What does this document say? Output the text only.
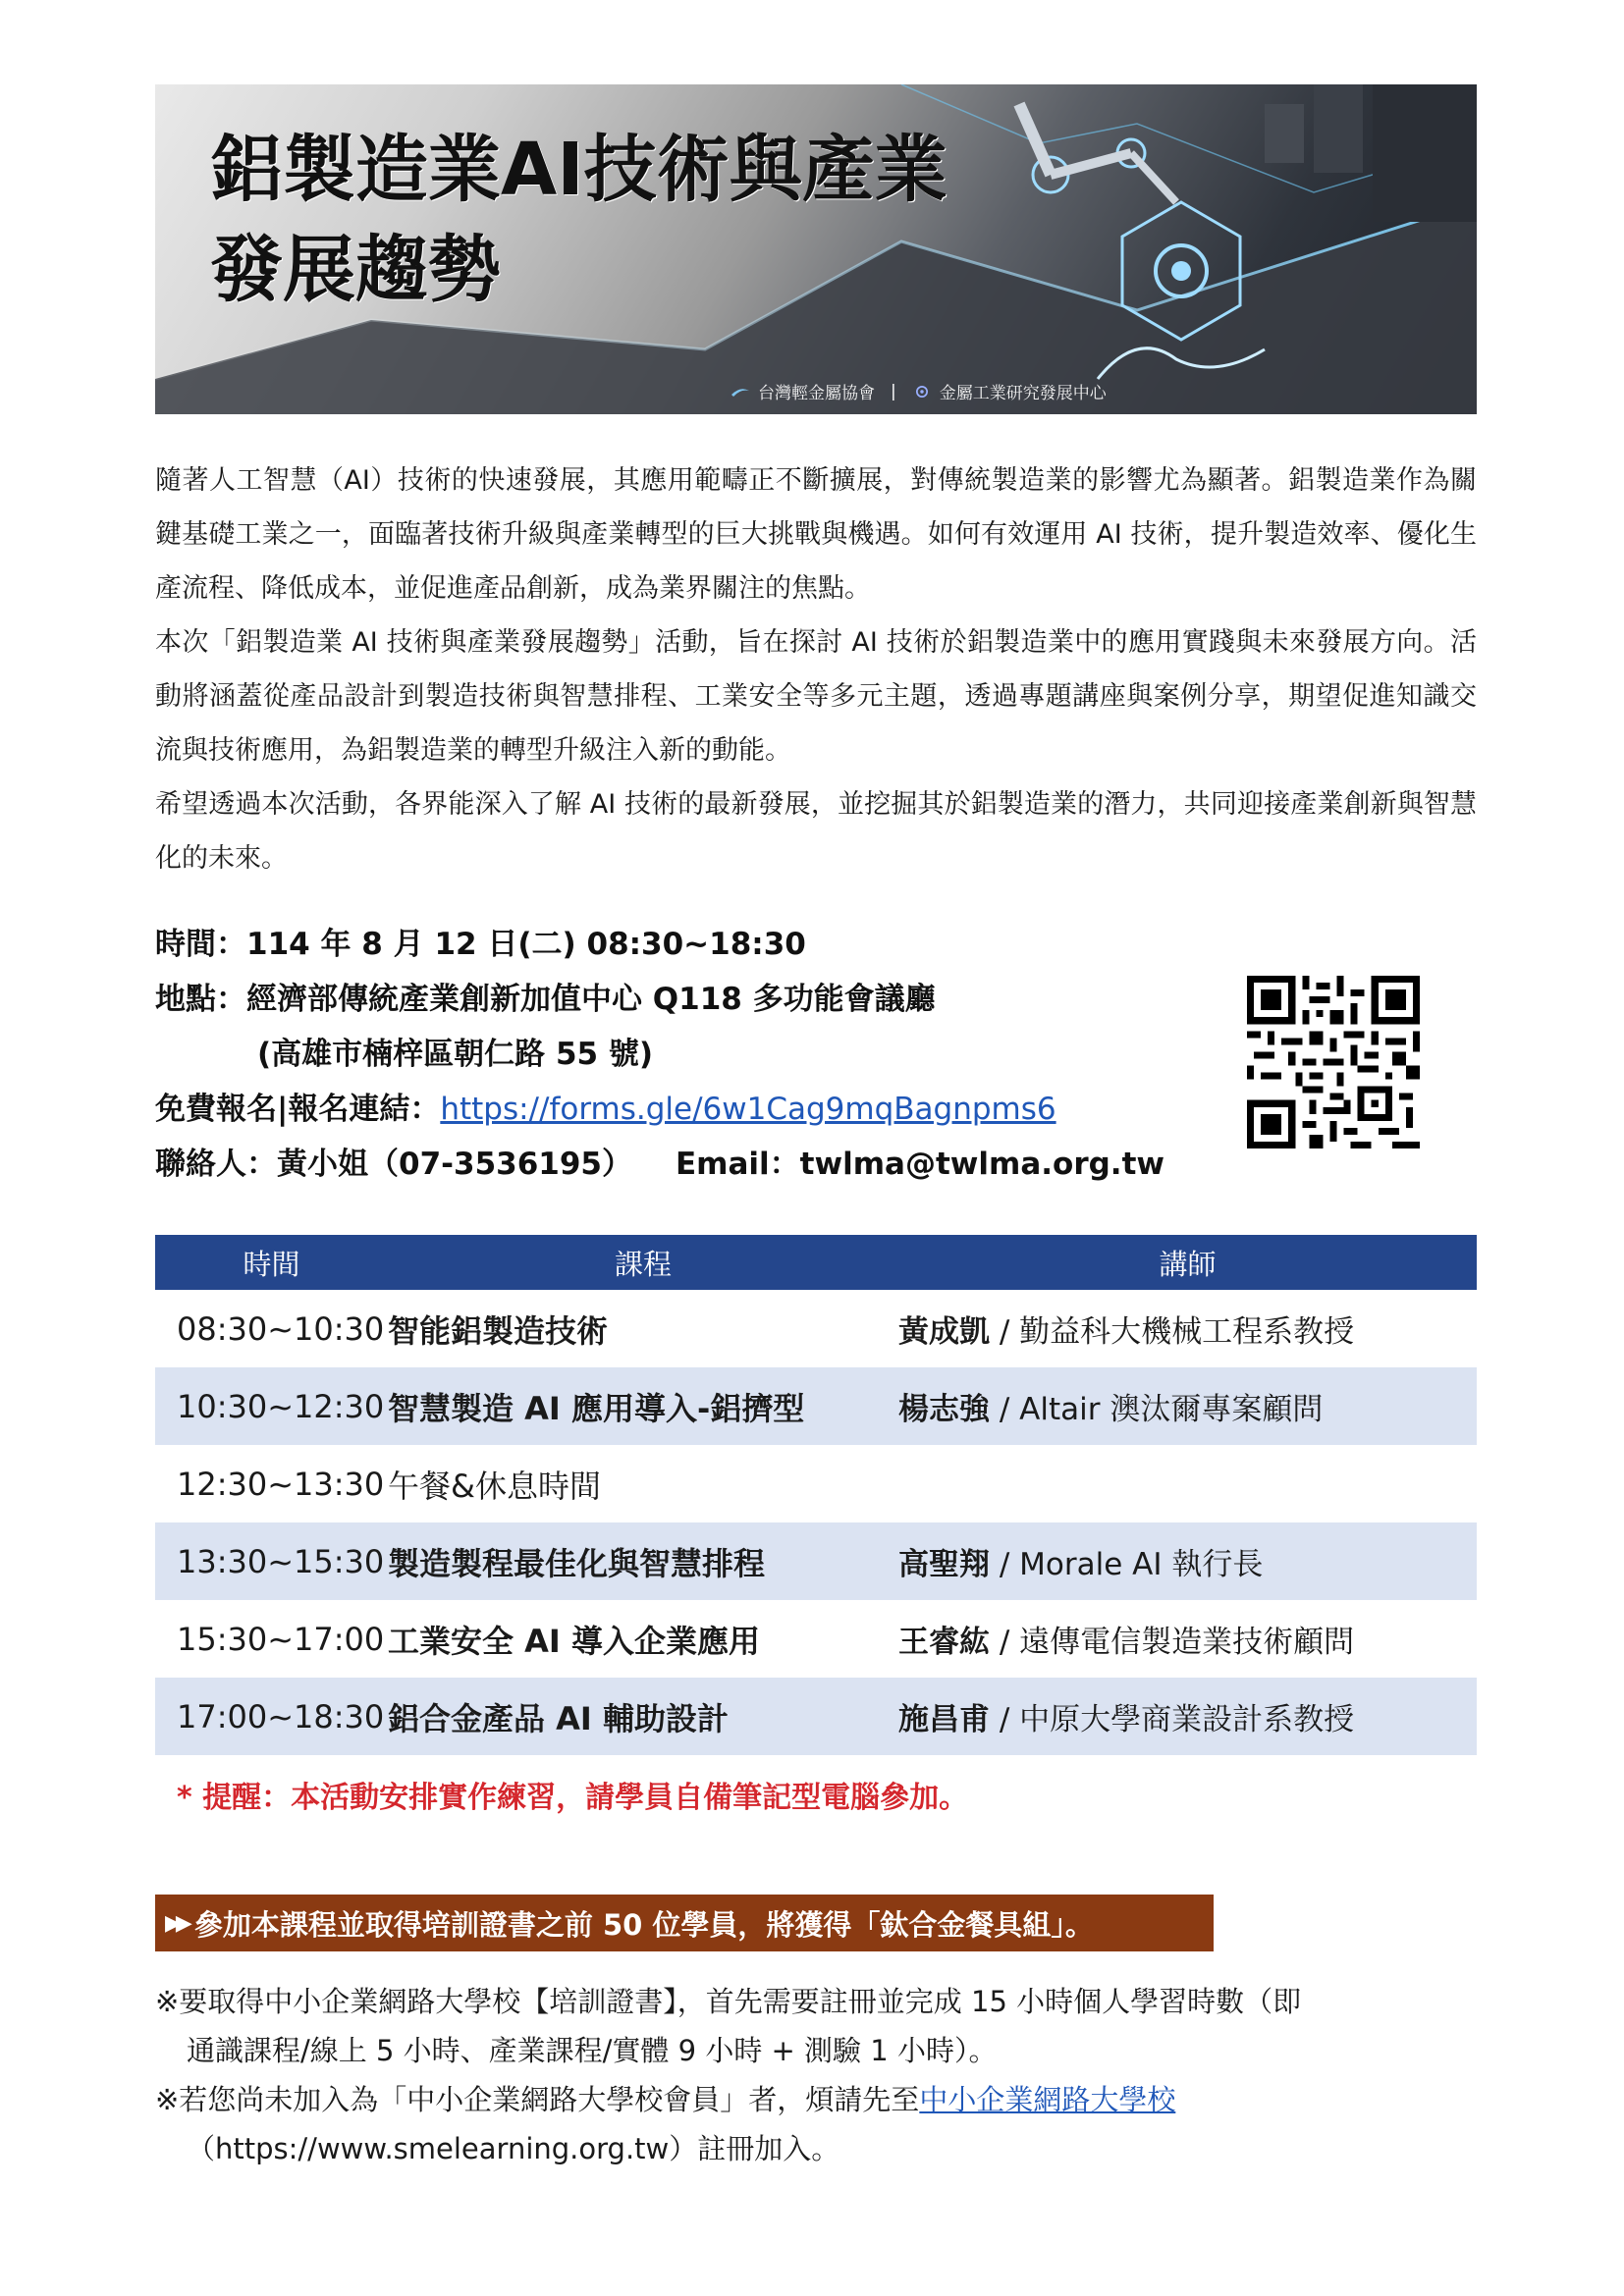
鋁製造業AI技術與產業
發展趨勢
台灣輕金屬協會 |	金屬工業研究發展中心

隨著人工智慧（AI）技術的快速發展，其應用範疇正不斷擴展，對傳統製造業的影響尤為顯著。鋁製造業作為關鍵基礎工業之一，面臨著技術升級與產業轉型的巨大挑戰與機遇。如何有效運用 AI 技術，提升製造效率、優化生產流程、降低成本，並促進產品創新，成為業界關注的焦點。

本次「鋁製造業 AI 技術與產業發展趨勢」活動，旨在探討 AI 技術於鋁製造業中的應用實踐與未來發展方向。活動將涵蓋從產品設計到製造技術與智慧排程、工業安全等多元主題，透過專題講座與案例分享，期望促進知識交流與技術應用，為鋁製造業的轉型升級注入新的動能。

希望透過本次活動，各界能深入了解 AI 技術的最新發展，並挖掘其於鋁製造業的潛力，共同迎接產業創新與智慧化的未來。

時間：114 年 8 月 12 日(二) 08:30~18:30
地點：經濟部傳統產業創新加值中心 Q118 多功能會議廳
(高雄市楠梓區朝仁路 55 號)
免費報名|報名連結：https://forms.gle/6w1Cag9mqBagnpms6
聯絡人：黃小姐（07-3536195） Email：twlma@twlma.org.tw
時間	課程	講師
08:30~10:30	智能鋁製造技術	黃成凱 / 勤益科大機械工程系教授
10:30~12:30	智慧製造 AI 應用導入-鋁擠型	楊志強 / Altair 澳汰爾專案顧問
12:30~13:30	午餐&休息時間	
13:30~15:30	製造製程最佳化與智慧排程	高聖翔 / Morale AI 執行長
15:30~17:00	工業安全 AI 導入企業應用	王睿紘 / 遠傳電信製造業技術顧問
17:00~18:30	鋁合金產品 AI 輔助設計	施昌甫 / 中原大學商業設計系教授

* 提醒：本活動安排實作練習，請學員自備筆記型電腦參加。

▶▶ 參加本課程並取得培訓證書之前 50 位學員，將獲得「鈦合金餐具組」。

※要取得中小企業網路大學校【培訓證書】，首先需要註冊並完成 15 小時個人學習時數（即

通識課程/線上 5 小時、產業課程/實體 9 小時 + 測驗 1 小時）。

※若您尚未加入為「中小企業網路大學校會員」者，煩請先至中小企業網路大學校

（https://www.smelearning.org.tw）註冊加入。
